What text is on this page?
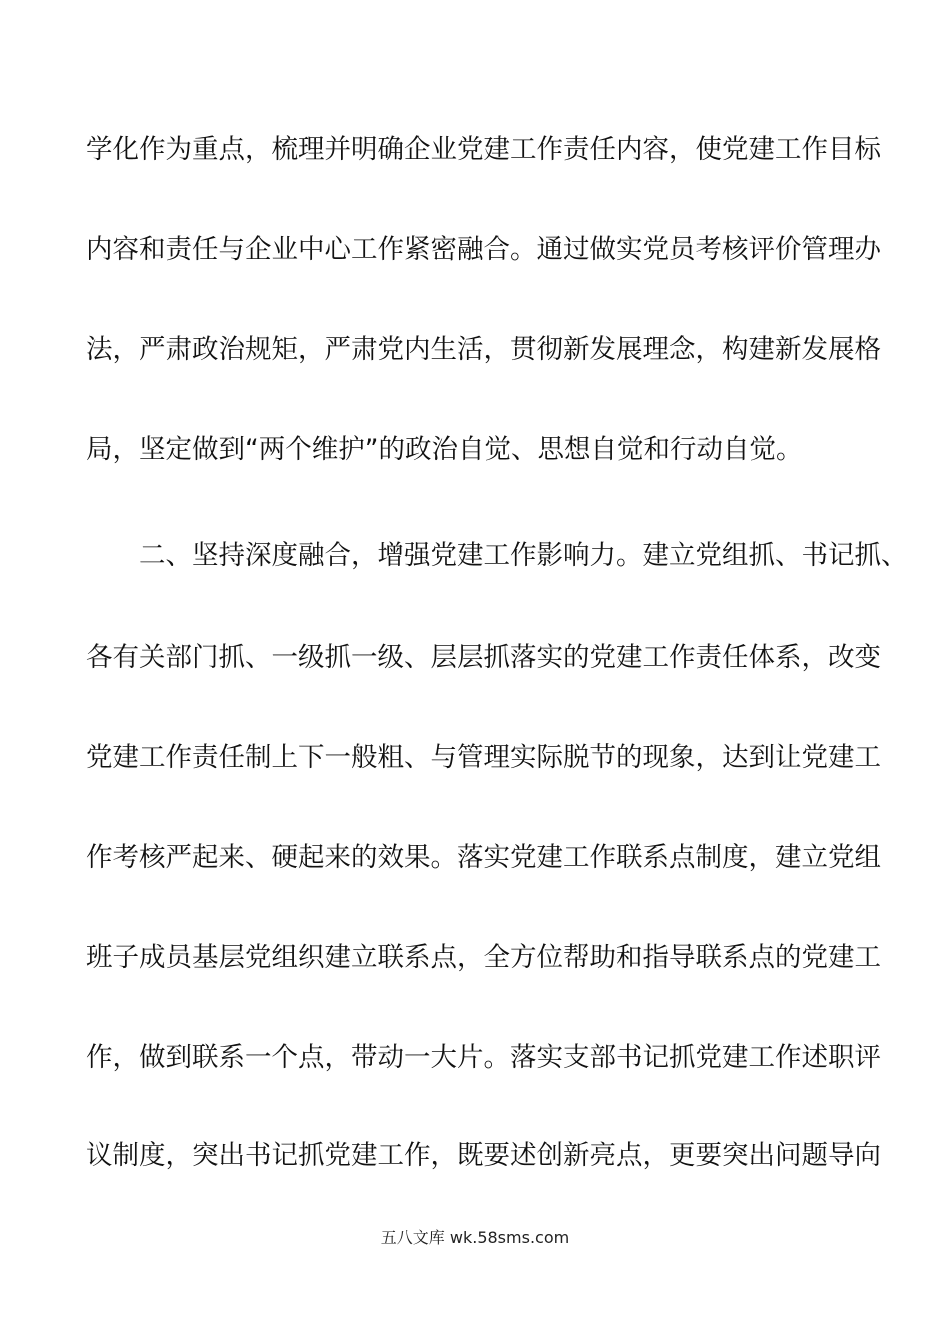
学化作为重点，梳理并明确企业党建工作责任内容，使党建工作目标
内容和责任与企业中心工作紧密融合。通过做实党员考核评价管理办
法，严肃政治规矩，严肃党内生活，贯彻新发展理念，构建新发展格
局，坚定做到“两个维护”的政治自觉、思想自觉和行动自觉。
　　二、坚持深度融合，增强党建工作影响力。建立党组抓、书记抓、
各有关部门抓、一级抓一级、层层抓落实的党建工作责任体系，改变
党建工作责任制上下一般粗、与管理实际脱节的现象，达到让党建工
作考核严起来、硬起来的效果。落实党建工作联系点制度，建立党组
班子成员基层党组织建立联系点，全方位帮助和指导联系点的党建工
作，做到联系一个点，带动一大片。落实支部书记抓党建工作述职评
议制度，突出书记抓党建工作，既要述创新亮点，更要突出问题导向
五八文库 wk.58sms.com
